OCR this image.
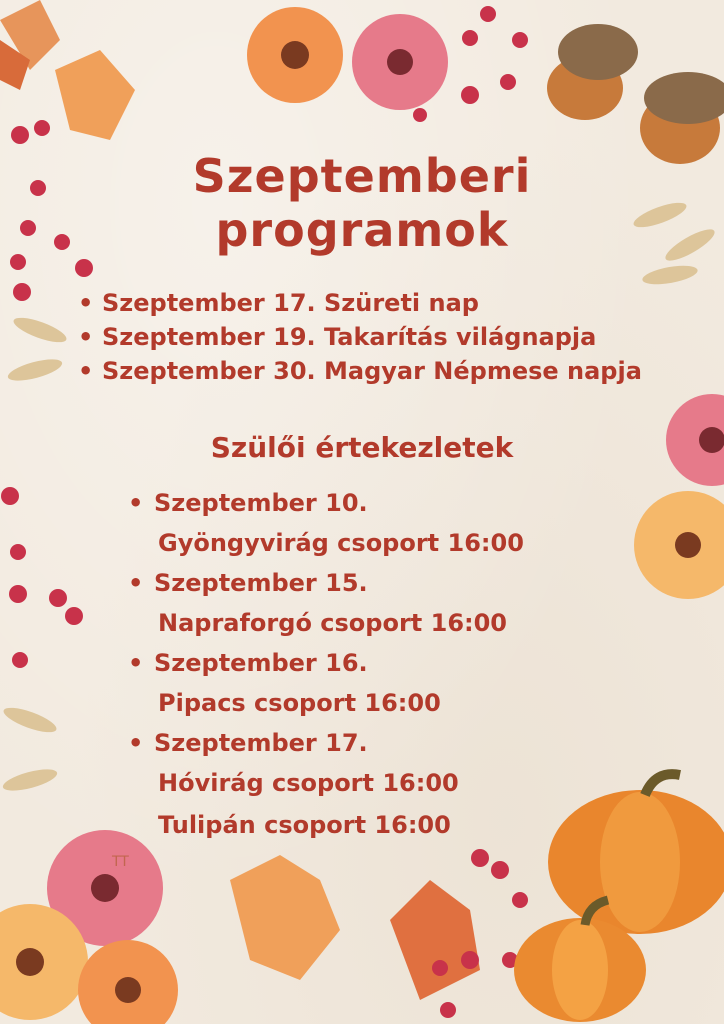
Szeptemberi
programok
• Szeptember 17. Szüreti nap
• Szeptember 19. Takarítás világnapja
• Szeptember 30. Magyar Népmese napja
Szülői értekezletek
• Szeptember 10.
Gyöngyvirág csoport 16:00
• Szeptember 15.
Napraforgó csoport 16:00
• Szeptember 16.
Pipacs csoport 16:00
• Szeptember 17.
Hóvirág csoport 16:00
Tulipán csoport 16:00
TT
